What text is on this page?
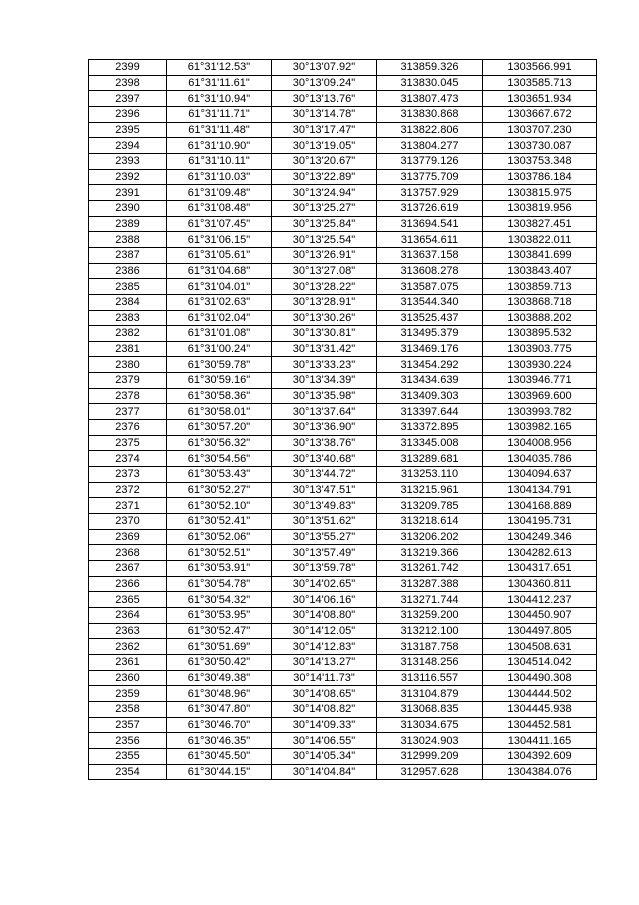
2399	61°31'12.53"	30°13'07.92"	313859.326	1303566.991
2398	61°31'11.61"	30°13'09.24"	313830.045	1303585.713
2397	61°31'10.94"	30°13'13.76"	313807.473	1303651.934
2396	61°31'11.71"	30°13'14.78"	313830.868	1303667.672
2395	61°31'11.48"	30°13'17.47"	313822.806	1303707.230
2394	61°31'10.90"	30°13'19.05"	313804.277	1303730.087
2393	61°31'10.11"	30°13'20.67"	313779.126	1303753.348
2392	61°31'10.03"	30°13'22.89"	313775.709	1303786.184
2391	61°31'09.48"	30°13'24.94"	313757.929	1303815.975
2390	61°31'08.48"	30°13'25.27"	313726.619	1303819.956
2389	61°31'07.45"	30°13'25.84"	313694.541	1303827.451
2388	61°31'06.15"	30°13'25.54"	313654.611	1303822.011
2387	61°31'05.61"	30°13'26.91"	313637.158	1303841.699
2386	61°31'04.68"	30°13'27.08"	313608.278	1303843.407
2385	61°31'04.01"	30°13'28.22"	313587.075	1303859.713
2384	61°31'02.63"	30°13'28.91"	313544.340	1303868.718
2383	61°31'02.04"	30°13'30.26"	313525.437	1303888.202
2382	61°31'01.08"	30°13'30.81"	313495.379	1303895.532
2381	61°31'00.24"	30°13'31.42"	313469.176	1303903.775
2380	61°30'59.78"	30°13'33.23"	313454.292	1303930.224
2379	61°30'59.16"	30°13'34.39"	313434.639	1303946.771
2378	61°30'58.36"	30°13'35.98"	313409.303	1303969.600
2377	61°30'58.01"	30°13'37.64"	313397.644	1303993.782
2376	61°30'57.20"	30°13'36.90"	313372.895	1303982.165
2375	61°30'56.32"	30°13'38.76"	313345.008	1304008.956
2374	61°30'54.56"	30°13'40.68"	313289.681	1304035.786
2373	61°30'53.43"	30°13'44.72"	313253.110	1304094.637
2372	61°30'52.27"	30°13'47.51"	313215.961	1304134.791
2371	61°30'52.10"	30°13'49.83"	313209.785	1304168.889
2370	61°30'52.41"	30°13'51.62"	313218.614	1304195.731
2369	61°30'52.06"	30°13'55.27"	313206.202	1304249.346
2368	61°30'52.51"	30°13'57.49"	313219.366	1304282.613
2367	61°30'53.91"	30°13'59.78"	313261.742	1304317.651
2366	61°30'54.78"	30°14'02.65"	313287.388	1304360.811
2365	61°30'54.32"	30°14'06.16"	313271.744	1304412.237
2364	61°30'53.95"	30°14'08.80"	313259.200	1304450.907
2363	61°30'52.47"	30°14'12.05"	313212.100	1304497.805
2362	61°30'51.69"	30°14'12.83"	313187.758	1304508.631
2361	61°30'50.42"	30°14'13.27"	313148.256	1304514.042
2360	61°30'49.38"	30°14'11.73"	313116.557	1304490.308
2359	61°30'48.96"	30°14'08.65"	313104.879	1304444.502
2358	61°30'47.80"	30°14'08.82"	313068.835	1304445.938
2357	61°30'46.70"	30°14'09.33"	313034.675	1304452.581
2356	61°30'46.35"	30°14'06.55"	313024.903	1304411.165
2355	61°30'45.50"	30°14'05.34"	312999.209	1304392.609
2354	61°30'44.15"	30°14'04.84"	312957.628	1304384.076
